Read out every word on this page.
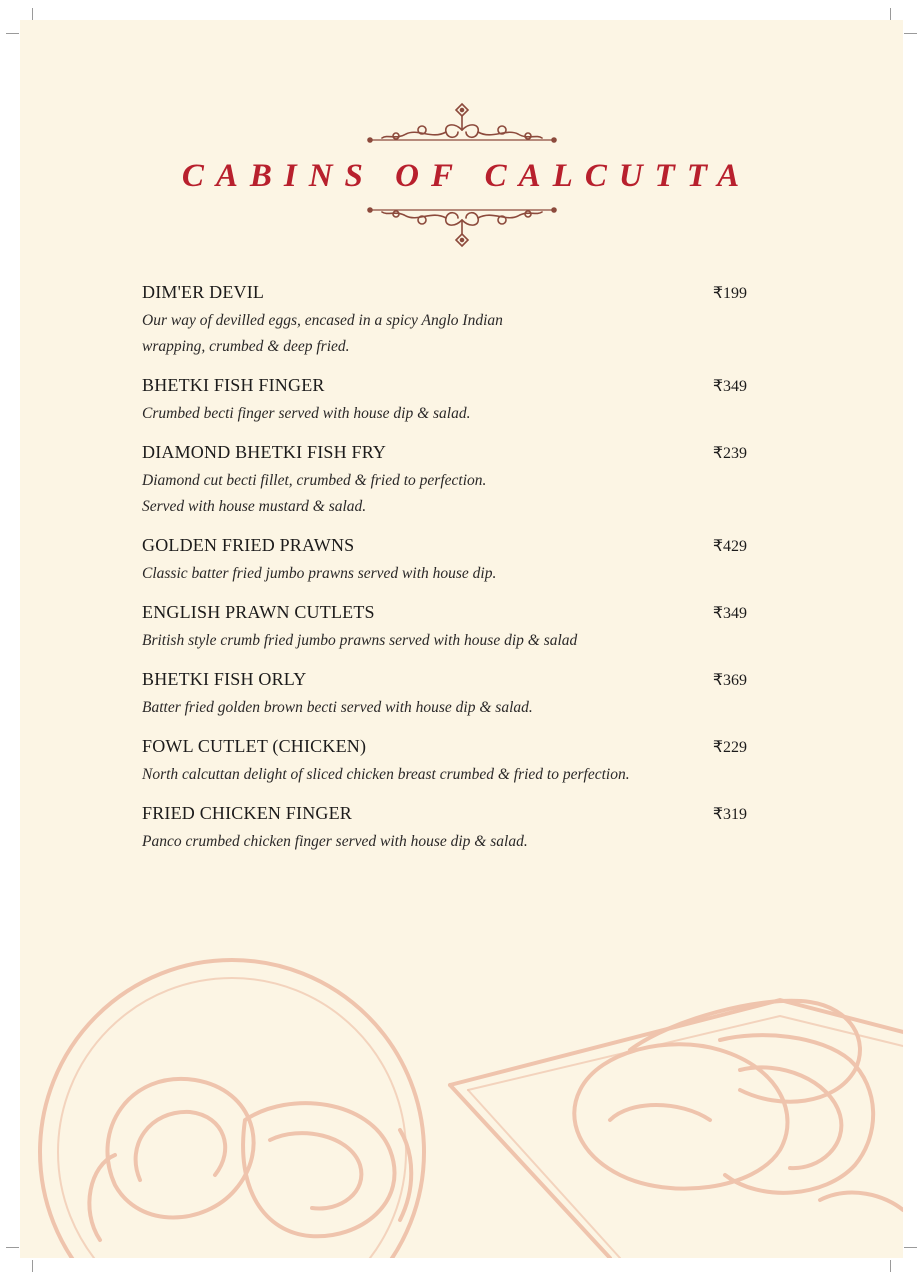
CABINS OF CALCUTTA
DIM'ER DEVIL	₹199
Our way of devilled eggs, encased in a spicy Anglo Indian
wrapping, crumbed & deep fried.
BHETKI FISH FINGER	₹349
Crumbed becti finger served with house dip & salad.
DIAMOND BHETKI FISH FRY	₹239
Diamond cut becti fillet, crumbed & fried to perfection.
Served with house mustard & salad.
GOLDEN FRIED PRAWNS	₹429
Classic batter fried jumbo prawns served with house dip.
ENGLISH PRAWN CUTLETS	₹349
British style crumb fried jumbo prawns served with house dip & salad
BHETKI FISH ORLY	₹369
Batter fried golden brown becti served with house dip & salad.
FOWL CUTLET (CHICKEN)	₹229
North calcuttan delight of sliced chicken breast crumbed & fried to perfection.
FRIED CHICKEN FINGER	₹319
Panco crumbed chicken finger served with house dip & salad.
